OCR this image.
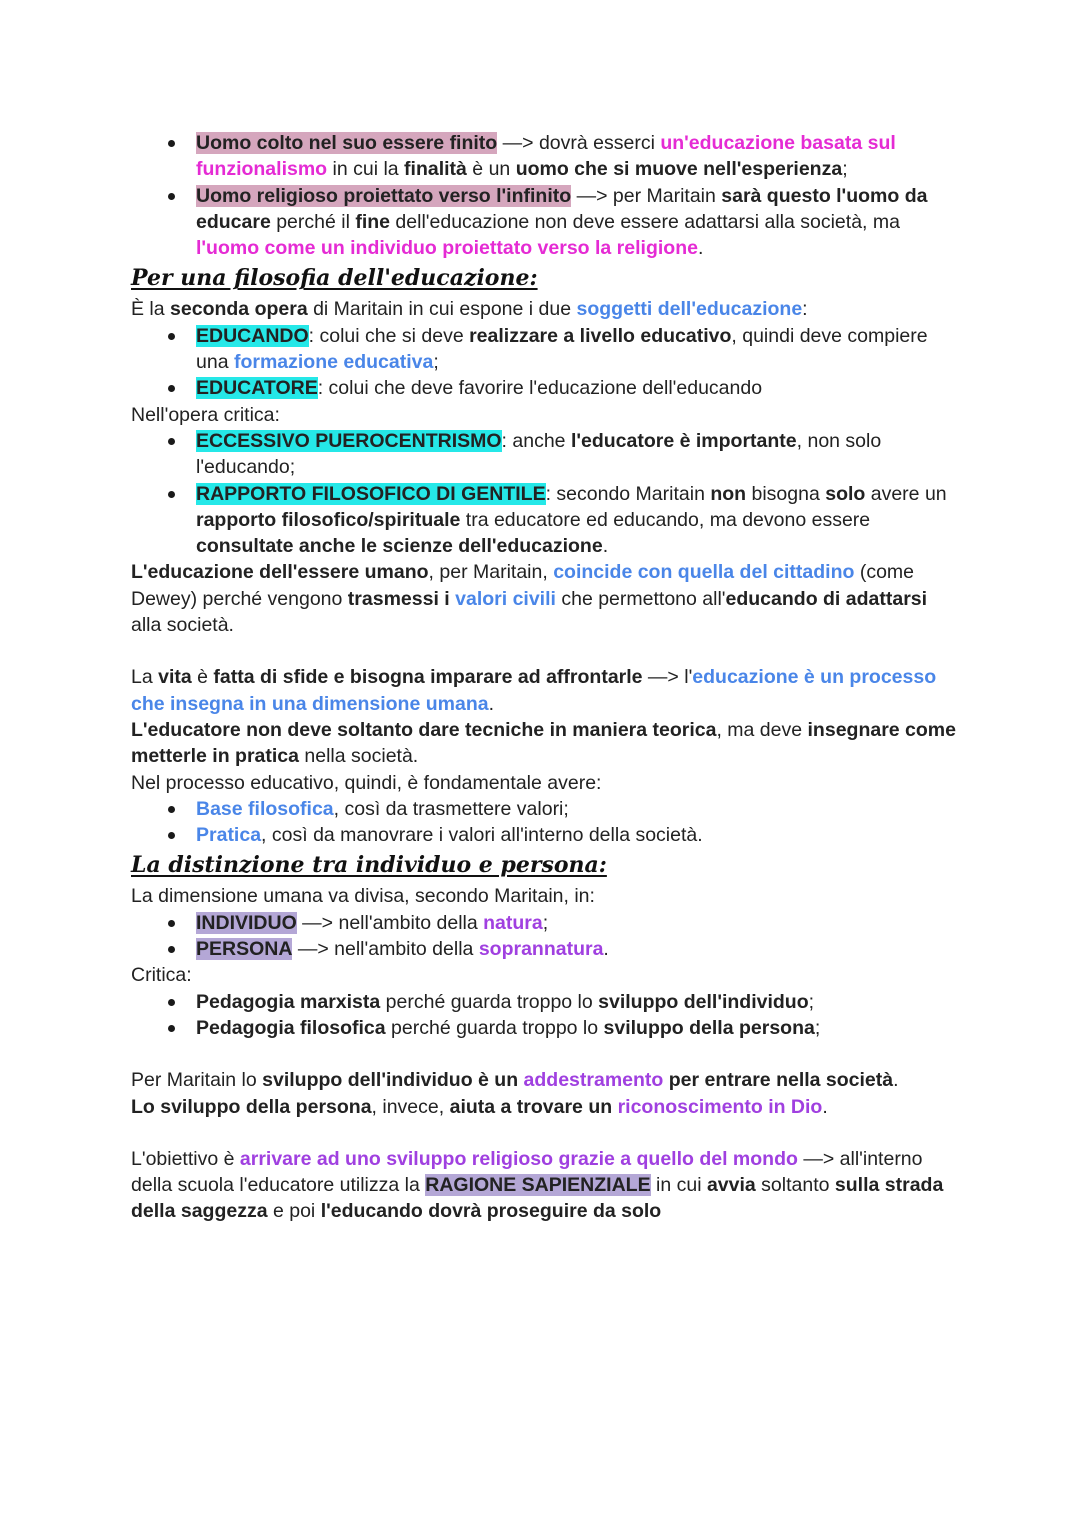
Uomo colto nel suo essere finito —> dovrà esserci un'educazione basata sul funzionalismo in cui la finalità è un uomo che si muove nell'esperienza;
Uomo religioso proiettato verso l'infinito —> per Maritain sarà questo l'uomo da educare perché il fine dell'educazione non deve essere adattarsi alla società, ma l'uomo come un individuo proiettato verso la religione.
Per una filosofia dell'educazione:

È la seconda opera di Maritain in cui espone i due soggetti dell'educazione:

EDUCANDO: colui che si deve realizzare a livello educativo, quindi deve compiere una formazione educativa;
EDUCATORE: colui che deve favorire l'educazione dell'educando

Nell'opera critica:

ECCESSIVO PUEROCENTRISMO: anche l'educatore è importante, non solo l'educando;
RAPPORTO FILOSOFICO DI GENTILE: secondo Maritain non bisogna solo avere un rapporto filosofico/spirituale tra educatore ed educando, ma devono essere consultate anche le scienze dell'educazione.

L'educazione dell'essere umano, per Maritain, coincide con quella del cittadino (come Dewey) perché vengono trasmessi i valori civili che permettono all'educando di adattarsi alla società.

La vita è fatta di sfide e bisogna imparare ad affrontarle —> l'educazione è un processo che insegna in una dimensione umana.

L'educatore non deve soltanto dare tecniche in maniera teorica, ma deve insegnare come metterle in pratica nella società.

Nel processo educativo, quindi, è fondamentale avere:

Base filosofica, così da trasmettere valori;
Pratica, così da manovrare i valori all'interno della società.
La distinzione tra individuo e persona:

La dimensione umana va divisa, secondo Maritain, in:

INDIVIDUO —> nell'ambito della natura;
PERSONA —> nell'ambito della soprannatura.

Critica:

Pedagogia marxista perché guarda troppo lo sviluppo dell'individuo;
Pedagogia filosofica perché guarda troppo lo sviluppo della persona;

Per Maritain lo sviluppo dell'individuo è un addestramento per entrare nella società.

Lo sviluppo della persona, invece, aiuta a trovare un riconoscimento in Dio.

L'obiettivo è arrivare ad uno sviluppo religioso grazie a quello del mondo —> all'interno della scuola l'educatore utilizza la RAGIONE SAPIENZIALE in cui avvia soltanto sulla strada della saggezza e poi l'educando dovrà proseguire da solo
